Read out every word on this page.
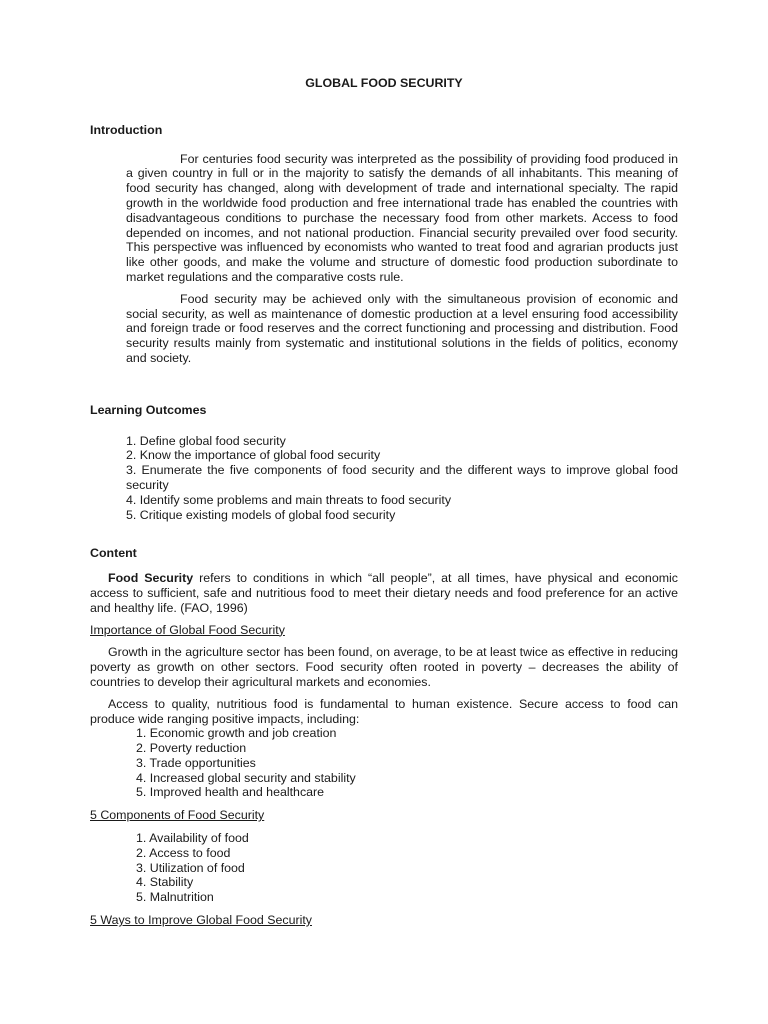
GLOBAL FOOD SECURITY
Introduction
For centuries food security was interpreted as the possibility of providing food produced in a given country in full or in the majority to satisfy the demands of all inhabitants. This meaning of food security has changed, along with development of trade and international specialty. The rapid growth in the worldwide food production and free international trade has enabled the countries with disadvantageous conditions to purchase the necessary food from other markets. Access to food depended on incomes, and not national production. Financial security prevailed over food security. This perspective was influenced by economists who wanted to treat food and agrarian products just like other goods, and make the volume and structure of domestic food production subordinate to market regulations and the comparative costs rule.
Food security may be achieved only with the simultaneous provision of economic and social security, as well as maintenance of domestic production at a level ensuring food accessibility and foreign trade or food reserves and the correct functioning and processing and distribution. Food security results mainly from systematic and institutional solutions in the fields of politics, economy and society.
Learning Outcomes
1. Define global food security
2. Know the importance of global food security
3. Enumerate the five components of food security and the different ways to improve global food security
4. Identify some problems and main threats to food security
5. Critique existing models of global food security
Content
Food Security refers to conditions in which “all people”, at all times, have physical and economic access to sufficient, safe and nutritious food to meet their dietary needs and food preference for an active and healthy life. (FAO, 1996)
Importance of Global Food Security
Growth in the agriculture sector has been found, on average, to be at least twice as effective in reducing poverty as growth on other sectors. Food security often rooted in poverty – decreases the ability of countries to develop their agricultural markets and economies.
Access to quality, nutritious food is fundamental to human existence. Secure access to food can produce wide ranging positive impacts, including:
1. Economic growth and job creation
2. Poverty reduction
3. Trade opportunities
4. Increased global security and stability
5. Improved health and healthcare
5 Components of Food Security
1. Availability of food
2. Access to food
3. Utilization of food
4. Stability
5. Malnutrition
5 Ways to Improve Global Food Security
